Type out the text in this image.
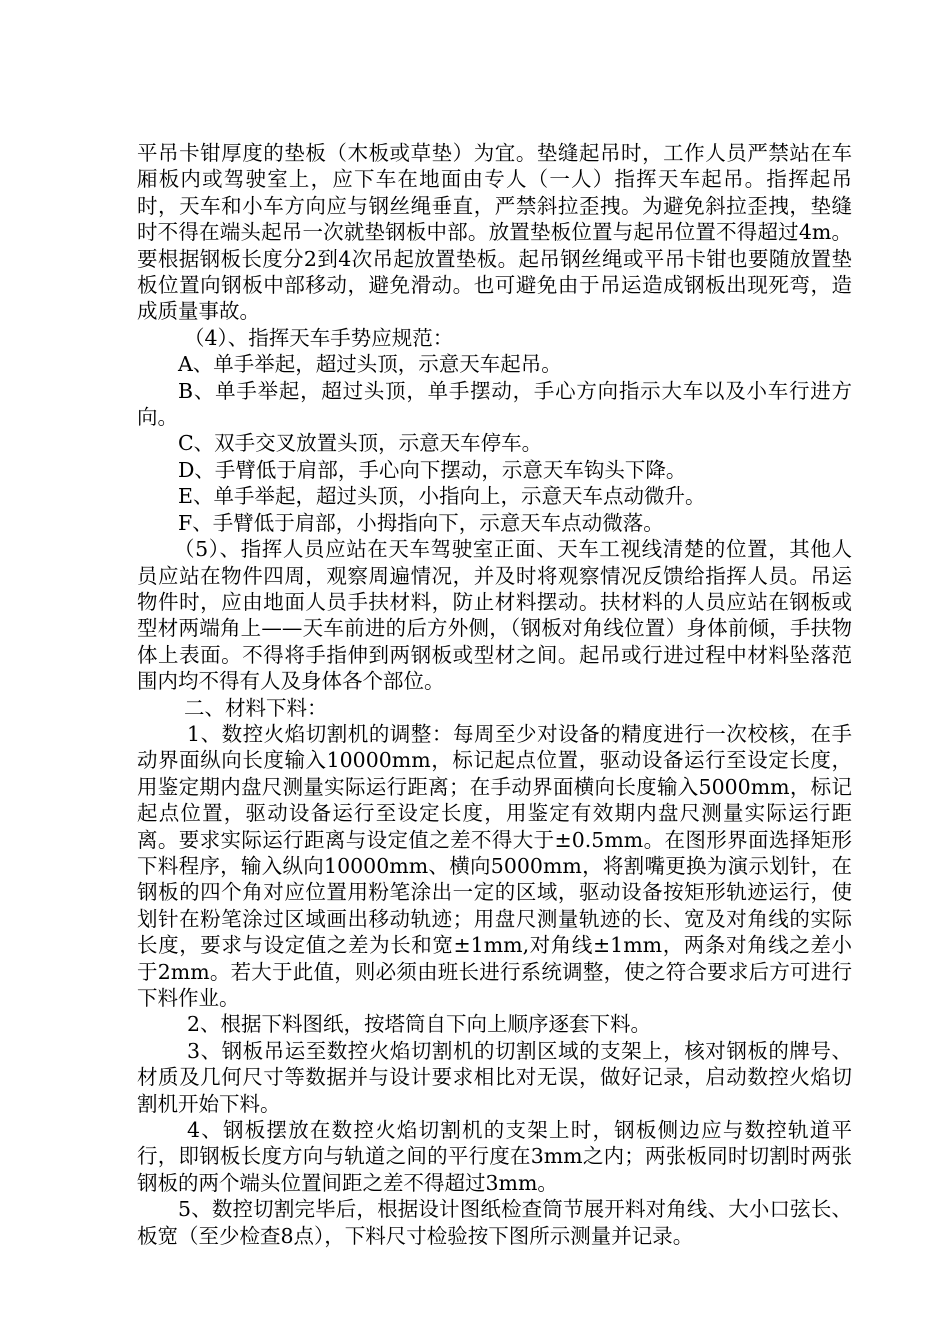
平吊卡钳厚度的垫板（木板或草垫）为宜。垫缝起吊时，工作人员严禁站在车厢板内或驾驶室上，应下车在地面由专人（一人）指挥天车起吊。指挥起吊时，天车和小车方向应与钢丝绳垂直，严禁斜拉歪拽。为避免斜拉歪拽，垫缝时不得在端头起吊一次就垫钢板中部。放置垫板位置与起吊位置不得超过4m。要根据钢板长度分2到4次吊起放置垫板。起吊钢丝绳或平吊卡钳也要随放置垫板位置向钢板中部移动，避免滑动。也可避免由于吊运造成钢板出现死弯，造成质量事故。

（4）、指挥天车手势应规范：

A、单手举起，超过头顶，示意天车起吊。

B、单手举起，超过头顶，单手摆动，手心方向指示大车以及小车行进方向。

C、双手交叉放置头顶，示意天车停车。

D、手臂低于肩部，手心向下摆动，示意天车钩头下降。

E、单手举起，超过头顶，小指向上，示意天车点动微升。

F、手臂低于肩部，小拇指向下，示意天车点动微落。

（5）、指挥人员应站在天车驾驶室正面、天车工视线清楚的位置，其他人员应站在物件四周，观察周遍情况，并及时将观察情况反馈给指挥人员。吊运物件时，应由地面人员手扶材料，防止材料摆动。扶材料的人员应站在钢板或型材两端角上——天车前进的后方外侧，（钢板对角线位置）身体前倾，手扶物体上表面。不得将手指伸到两钢板或型材之间。起吊或行进过程中材料坠落范围内均不得有人及身体各个部位。

二、材料下料：

1、数控火焰切割机的调整：每周至少对设备的精度进行一次校核，在手动界面纵向长度输入10000mm，标记起点位置，驱动设备运行至设定长度，用鉴定期内盘尺测量实际运行距离；在手动界面横向长度输入5000mm，标记起点位置，驱动设备运行至设定长度，用鉴定有效期内盘尺测量实际运行距离。要求实际运行距离与设定值之差不得大于±0.5mm。在图形界面选择矩形下料程序，输入纵向10000mm、横向5000mm，将割嘴更换为演示划针，在钢板的四个角对应位置用粉笔涂出一定的区域，驱动设备按矩形轨迹运行，使划针在粉笔涂过区域画出移动轨迹；用盘尺测量轨迹的长、宽及对角线的实际长度，要求与设定值之差为长和宽±1mm,对角线±1mm，两条对角线之差小于2mm。若大于此值，则必须由班长进行系统调整，使之符合要求后方可进行下料作业。

2、根据下料图纸，按塔筒自下向上顺序逐套下料。

3、钢板吊运至数控火焰切割机的切割区域的支架上，核对钢板的牌号、材质及几何尺寸等数据并与设计要求相比对无误，做好记录，启动数控火焰切割机开始下料。

4、钢板摆放在数控火焰切割机的支架上时，钢板侧边应与数控轨道平行，即钢板长度方向与轨道之间的平行度在3mm之内；两张板同时切割时两张钢板的两个端头位置间距之差不得超过3mm。

5、数控切割完毕后，根据设计图纸检查筒节展开料对角线、大小口弦长、板宽（至少检查8点），下料尺寸检验按下图所示测量并记录。
